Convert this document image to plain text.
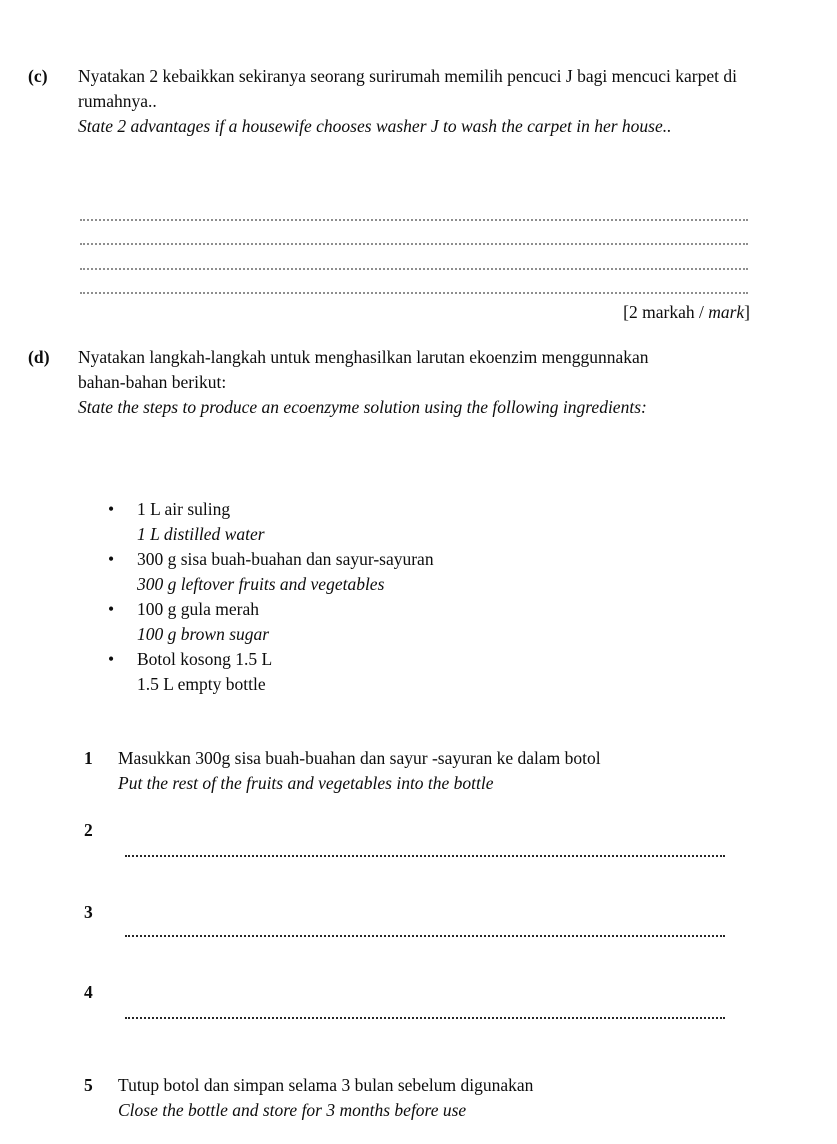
(c)	Nyatakan 2 kebaikkan sekiranya seorang surirumah memilih pencuci J bagi mencuci karpet di rumahnya..
State 2 advantages if a housewife chooses washer J to wash the carpet in her house..
[2 markah / mark]
(d)	Nyatakan langkah-langkah untuk menghasilkan larutan ekoenzim menggunnakan bahan-bahan berikut:
State the steps to produce an ecoenzyme solution using the following ingredients:
• 1 L air suling
1 L distilled water
• 300 g sisa buah-buahan dan sayur-sayuran
300 g leftover fruits and vegetables
• 100 g gula merah
100 g brown sugar
• Botol kosong 1.5 L
1.5 L empty bottle
1	Masukkan 300g sisa buah-buahan dan sayur -sayuran ke dalam botol
Put the rest of the fruits and vegetables into the bottle
2
3
4
5	Tutup botol dan simpan selama 3 bulan sebelum digunakan
Close the bottle and store for 3 months before use
